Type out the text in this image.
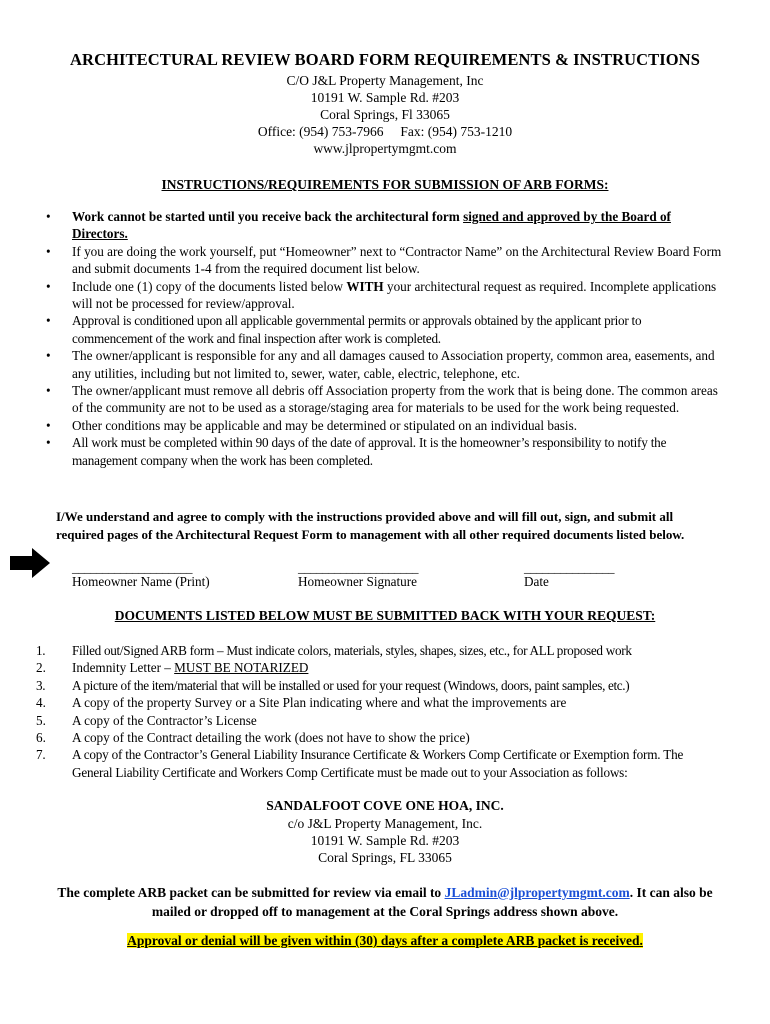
ARCHITECTURAL REVIEW BOARD FORM REQUIREMENTS & INSTRUCTIONS
C/O J&L Property Management, Inc
10191 W. Sample Rd. #203
Coral Springs, Fl 33065
Office: (954) 753-7966     Fax: (954) 753-1210
www.jlpropertymgmt.com
INSTRUCTIONS/REQUIREMENTS FOR SUBMISSION OF ARB FORMS:
• Work cannot be started until you receive back the architectural form signed and approved by the Board of Directors.
• If you are doing the work yourself, put “Homeowner” next to “Contractor Name” on the Architectural Review Board Form and submit documents 1-4 from the required document list below.
• Include one (1) copy of the documents listed below WITH your architectural request as required. Incomplete applications will not be processed for review/approval.
• Approval is conditioned upon all applicable governmental permits or approvals obtained by the applicant prior to commencement of the work and final inspection after work is completed.
• The owner/applicant is responsible for any and all damages caused to Association property, common area, easements, and any utilities, including but not limited to, sewer, water, cable, electric, telephone, etc.
• The owner/applicant must remove all debris off Association property from the work that is being done. The common areas of the community are not to be used as a storage/staging area for materials to be used for the work being requested.
• Other conditions may be applicable and may be determined or stipulated on an individual basis.
• All work must be completed within 90 days of the date of approval. It is the homeowner’s responsibility to notify the management company when the work has been completed.
I/We understand and agree to comply with the instructions provided above and will fill out, sign, and submit all required pages of the Architectural Request Form to management with all other required documents listed below.
____________________	____________________	_______________
Homeowner Name (Print)	Homeowner Signature	Date
DOCUMENTS LISTED BELOW MUST BE SUBMITTED BACK WITH YOUR REQUEST:
1. Filled out/Signed ARB form – Must indicate colors, materials, styles, shapes, sizes, etc., for ALL proposed work
2. Indemnity Letter – MUST BE NOTARIZED
3. A picture of the item/material that will be installed or used for your request (Windows, doors, paint samples, etc.)
4. A copy of the property Survey or a Site Plan indicating where and what the improvements are
5. A copy of the Contractor’s License
6. A copy of the Contract detailing the work (does not have to show the price)
7. A copy of the Contractor’s General Liability Insurance Certificate & Workers Comp Certificate or Exemption form. The General Liability Certificate and Workers Comp Certificate must be made out to your Association as follows:
SANDALFOOT COVE ONE HOA, INC.
c/o J&L Property Management, Inc.
10191 W. Sample Rd. #203
Coral Springs, FL 33065
The complete ARB packet can be submitted for review via email to JLadmin@jlpropertymgmt.com. It can also be mailed or dropped off to management at the Coral Springs address shown above.
Approval or denial will be given within (30) days after a complete ARB packet is received.
